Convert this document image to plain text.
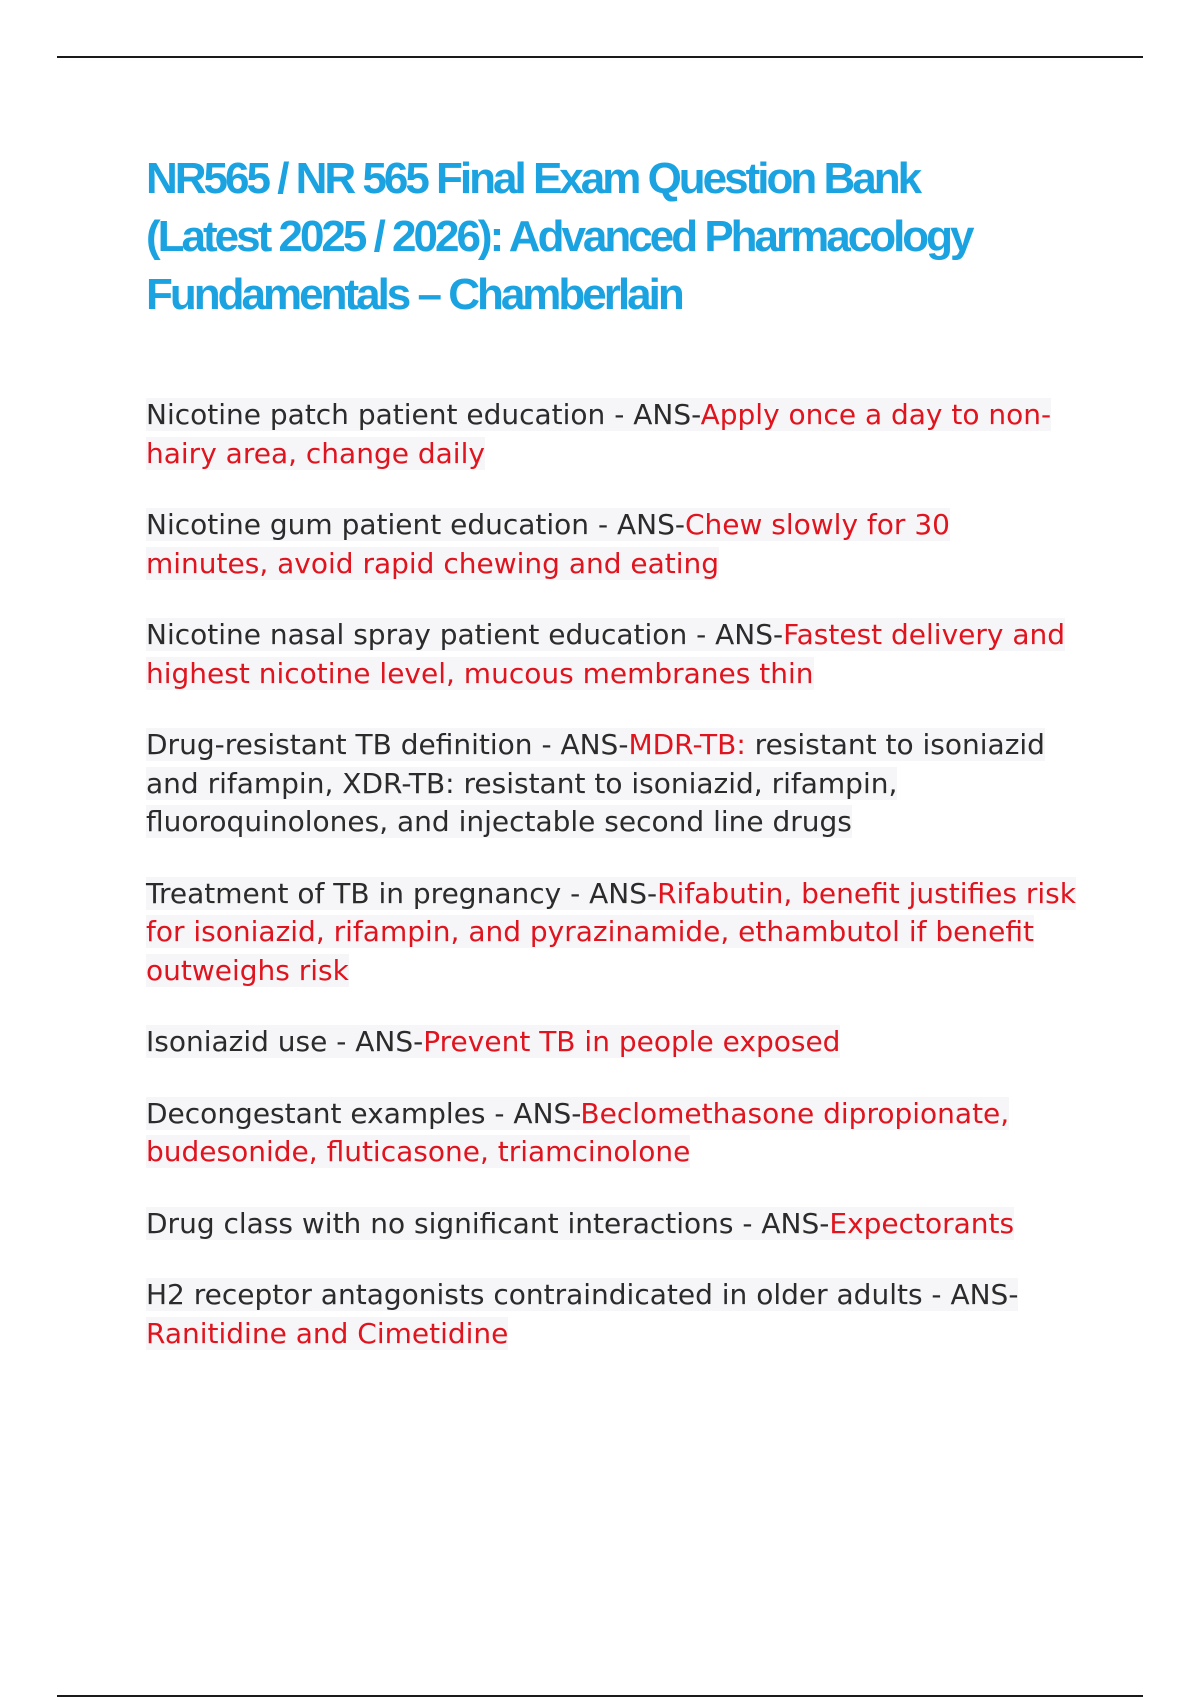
NR565 / NR 565 Final Exam Question Bank (Latest 2025 / 2026): Advanced Pharmacology Fundamentals – Chamberlain
Nicotine patch patient education - ANS-Apply once a day to non-hairy area, change daily
Nicotine gum patient education - ANS-Chew slowly for 30 minutes, avoid rapid chewing and eating
Nicotine nasal spray patient education - ANS-Fastest delivery and highest nicotine level, mucous membranes thin
Drug-resistant TB definition - ANS-MDR-TB: resistant to isoniazid and rifampin, XDR-TB: resistant to isoniazid, rifampin, fluoroquinolones, and injectable second line drugs
Treatment of TB in pregnancy - ANS-Rifabutin, benefit justifies risk for isoniazid, rifampin, and pyrazinamide, ethambutol if benefit outweighs risk
Isoniazid use - ANS-Prevent TB in people exposed
Decongestant examples - ANS-Beclomethasone dipropionate, budesonide, fluticasone, triamcinolone
Drug class with no significant interactions - ANS-Expectorants
H2 receptor antagonists contraindicated in older adults - ANS-Ranitidine and Cimetidine
